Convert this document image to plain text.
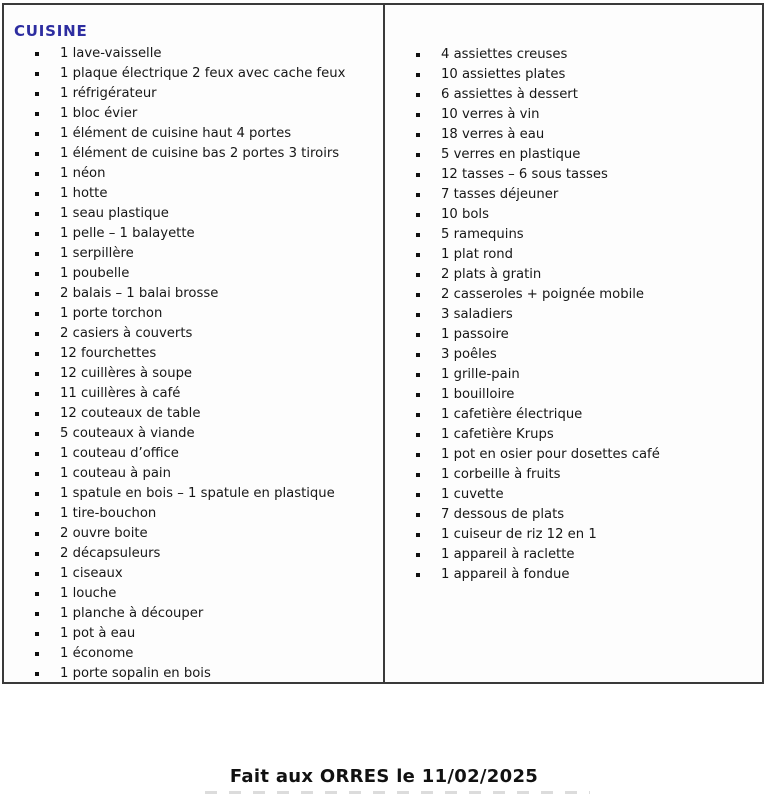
CUISINE
1 lave-vaisselle
1 plaque électrique 2 feux avec cache feux
1 réfrigérateur
1 bloc évier
1 élément de cuisine haut 4 portes
1 élément de cuisine bas 2 portes 3 tiroirs
1 néon
1 hotte
1 seau plastique
1 pelle – 1 balayette
1 serpillère
1 poubelle
2 balais – 1 balai brosse
1 porte torchon
2 casiers à couverts
12 fourchettes
12 cuillères à soupe
11 cuillères à café
12 couteaux de table
5 couteaux à viande
1 couteau d’office
1 couteau à pain
1 spatule en bois – 1 spatule en plastique
1 tire-bouchon
2 ouvre boite
2 décapsuleurs
1 ciseaux
1 louche
1 planche à découper
1 pot à eau
1 économe
1 porte sopalin en bois
4 assiettes creuses
10 assiettes plates
6 assiettes à dessert
10 verres à vin
18 verres à eau
5 verres en plastique
12 tasses – 6 sous tasses
7 tasses déjeuner
10 bols
5 ramequins
1 plat rond
2 plats à gratin
2 casseroles + poignée mobile
3 saladiers
1 passoire
3 poêles
1 grille-pain
1 bouilloire
1 cafetière électrique
1 cafetière Krups
1 pot en osier pour dosettes café
1 corbeille à fruits
1 cuvette
7 dessous de plats
1 cuiseur de riz 12 en 1
1 appareil à raclette
1 appareil à fondue
Fait aux ORRES le 11/02/2025
